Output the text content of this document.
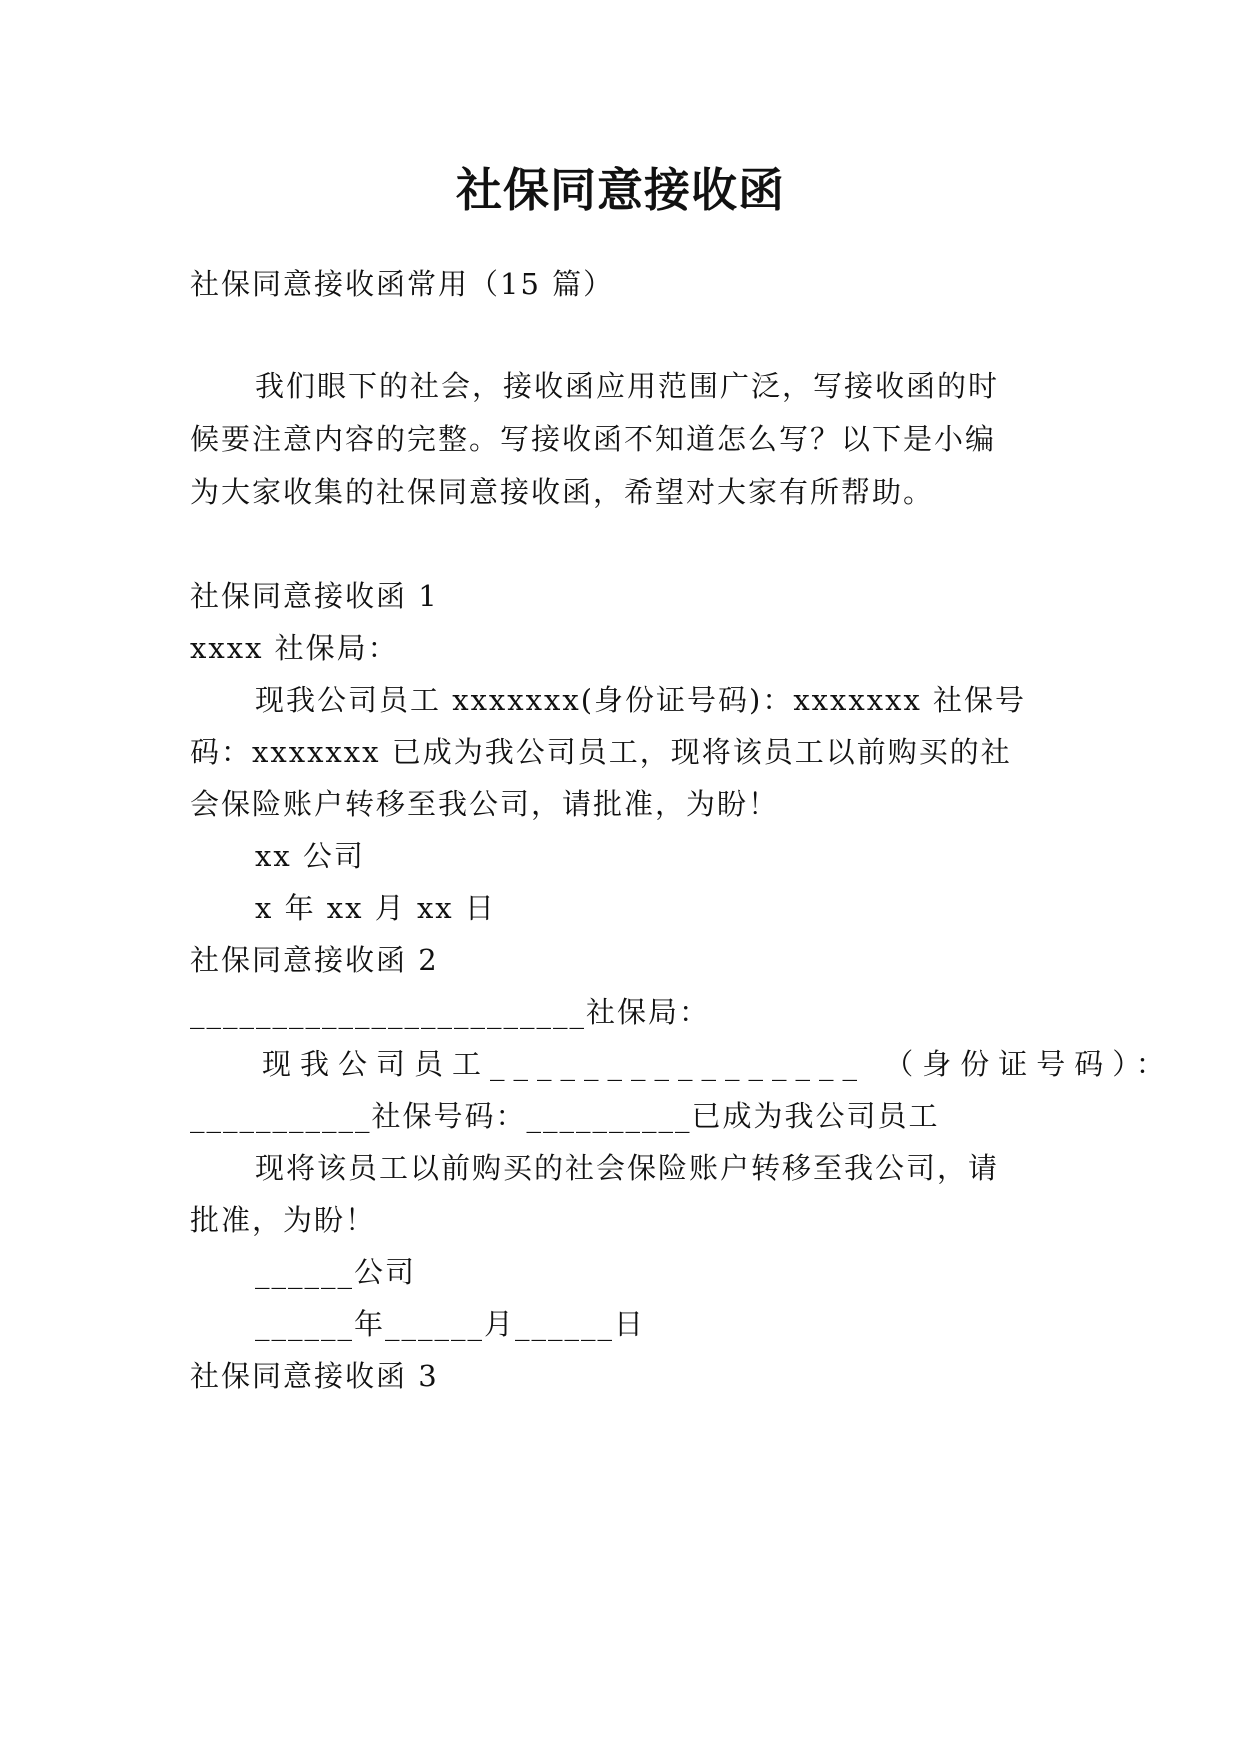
社保同意接收函
社保同意接收函常用（15 篇）
我们眼下的社会，接收函应用范围广泛，写接收函的时
候要注意内容的完整。写接收函不知道怎么写？以下是小编
为大家收集的社保同意接收函，希望对大家有所帮助。
社保同意接收函 1
xxxx 社保局：
现我公司员工 xxxxxxx(身份证号码)：xxxxxxx 社保号
码：xxxxxxx 已成为我公司员工，现将该员工以前购买的社
会保险账户转移至我公司，请批准，为盼！
xx 公司
x 年 xx 月 xx 日
社保同意接收函 2
________________________社保局：
现我公司员工________________ （身份证号码）：
___________社保号码：__________已成为我公司员工
现将该员工以前购买的社会保险账户转移至我公司，请
批准，为盼！
______公司
______年______月______日
社保同意接收函 3
